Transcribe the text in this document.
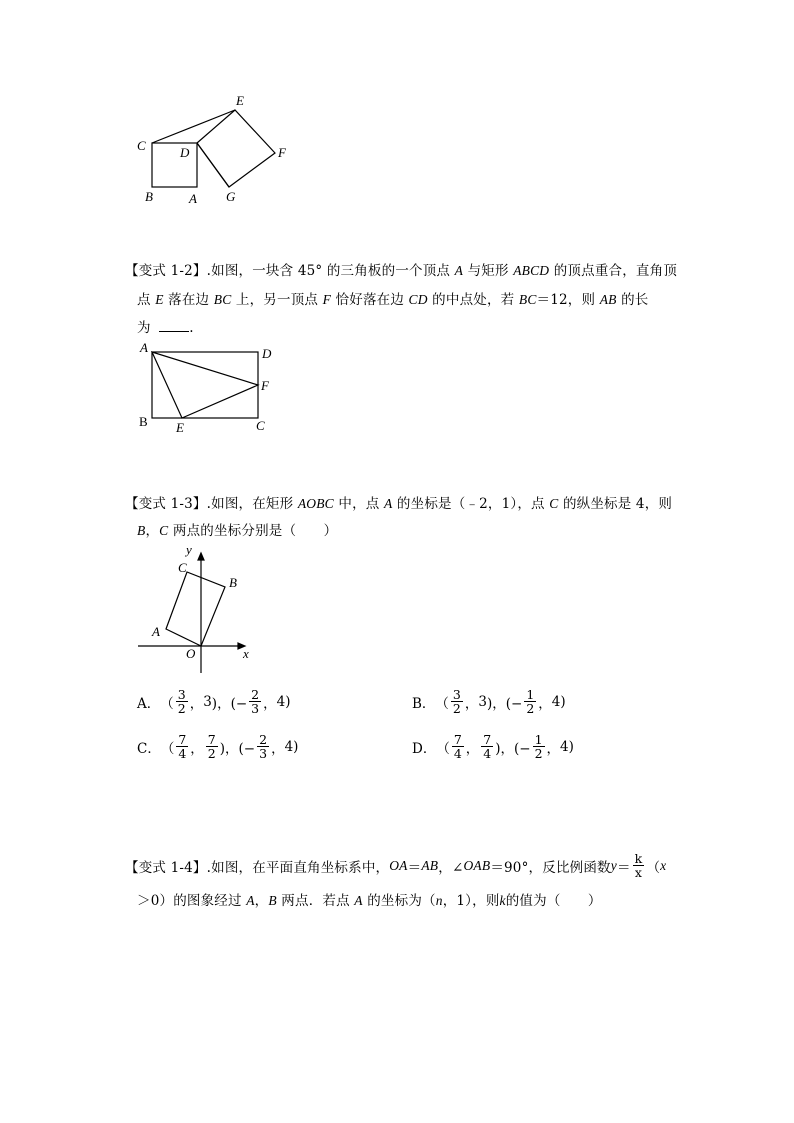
C	D
E
F
B	A G
【变式 1-2】.如图，一块含 45° 的三角板的一个顶点 A 与矩形 ABCD 的顶点重合，直角顶
点 E 落在边 BC 上，另一顶点 F 恰好落在边 CD 的中点处，若 BC＝12，则 AB 的长
为	.
A	D
F
B E	C
【变式 1-3】.如图，在矩形 AOBC 中，点 A 的坐标是（﹣2，1），点 C 的纵坐标是 4，则
B，C 两点的坐标分别是（　　）
y
C
B
A
O	x
A． （ $\frac{3}{2}$ ， 3 )，(− $\frac{2}{3}$ ， 4 )	B． （ $\frac{3}{2}$ ， 3 )，(− $\frac{1}{2}$ ， 4 )
C． （ $\frac{7}{4}$ ， $\frac{7}{2}$ )，(− $\frac{2}{3}$ ， 4 )	D． （ $\frac{7}{4}$ ， $\frac{7}{4}$ )，(− $\frac{1}{2}$ ， 4 )
【变式 1-4】. 如图，在平面直角坐标系中， OA ＝ AB ，∠ OAB ＝90°，反比例函数 $y = \frac{k}{x}$ （ x
＞0）的图象经过 A，B 两点．若点 A 的坐标为（n，1），则k的值为（　　）
